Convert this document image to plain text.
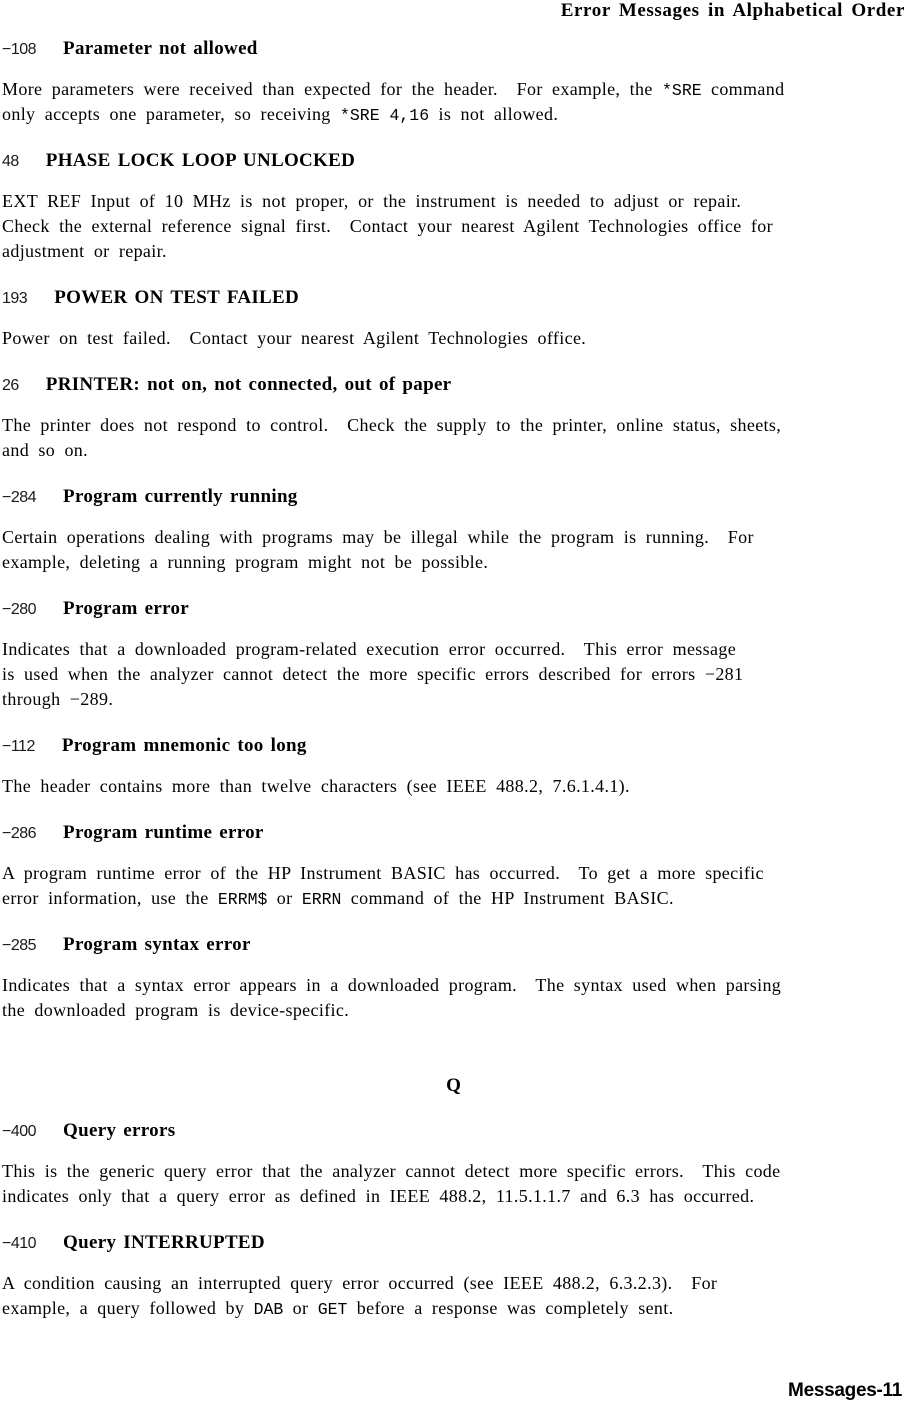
Error Messages in Alphabetical Order
−108 Parameter not allowed
More parameters were received than expected for the header.  For example, the *SRE command
only accepts one parameter, so receiving *SRE 4,16 is not allowed.
48 PHASE LOCK LOOP UNLOCKED
EXT REF Input of 10 MHz is not proper, or the instrument is needed to adjust or repair.
Check the external reference signal first.  Contact your nearest Agilent Technologies office for
adjustment or repair.
193 POWER ON TEST FAILED
Power on test failed.  Contact your nearest Agilent Technologies office.
26 PRINTER: not on, not connected, out of paper
The printer does not respond to control.  Check the supply to the printer, online status, sheets,
and so on.
−284 Program currently running
Certain operations dealing with programs may be illegal while the program is running.  For
example, deleting a running program might not be possible.
−280 Program error
Indicates that a downloaded program-related execution error occurred.  This error message
is used when the analyzer cannot detect the more specific errors described for errors −281
through −289.
−112 Program mnemonic too long
The header contains more than twelve characters (see IEEE 488.2, 7.6.1.4.1).
−286 Program runtime error
A program runtime error of the HP Instrument BASIC has occurred.  To get a more specific
error information, use the ERRM$ or ERRN command of the HP Instrument BASIC.
−285 Program syntax error
Indicates that a syntax error appears in a downloaded program.  The syntax used when parsing
the downloaded program is device-specific.
Q
−400 Query errors
This is the generic query error that the analyzer cannot detect more specific errors.  This code
indicates only that a query error as defined in IEEE 488.2, 11.5.1.1.7 and 6.3 has occurred.
−410 Query INTERRUPTED
A condition causing an interrupted query error occurred (see IEEE 488.2, 6.3.2.3).  For
example, a query followed by DAB or GET before a response was completely sent.
Messages-11
